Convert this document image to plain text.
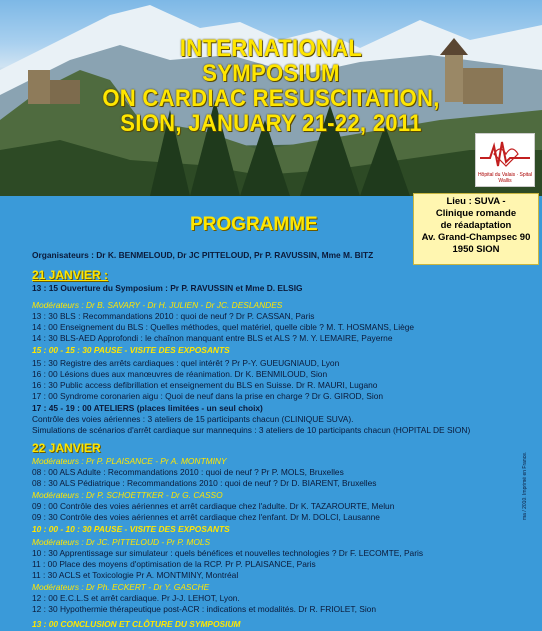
INTERNATIONAL
SYMPOSIUM
ON CARDIAC RESUSCITATION,
SION, JANUARY 21-22, 2011
Hôpital du Valais · Spital Wallis
Lieu : SUVA -
Clinique romande
de réadaptation
Av. Grand-Champsec 90
1950 SION
PROGRAMME
Organisateurs : Dr K. BENMELOUD, Dr JC PITTELOUD, Pr P. RAVUSSIN, Mme M. BITZ
21 JANVIER :
13 : 15 Ouverture du Symposium : Pr P. RAVUSSIN et Mme D. ELSIG
Modérateurs : Dr B. SAVARY - Dr H. JULIEN - Dr JC. DESLANDES
13 : 30 BLS : Recommandations 2010 : quoi de neuf ? Dr P. CASSAN, Paris
14 : 00 Enseignement du BLS : Quelles méthodes, quel matériel, quelle cible ? M. T. HOSMANS, Liège
14 : 30 BLS-AED Approfondi : le chaînon manquant entre BLS et ALS ? M. Y. LEMAIRE, Payerne
15 : 00 - 15 : 30 PAUSE - VISITE DES EXPOSANTS
15 : 30 Registre des arrêts cardiaques : quel intérêt ? Pr P-Y. GUEUGNIAUD, Lyon
16 : 00 Lésions dues aux manœuvres de réanimation. Dr K. BENMILOUD, Sion
16 : 30 Public access defibrillation et enseignement du BLS en Suisse. Dr R. MAURI, Lugano
17 : 00 Syndrome coronarien aigu : Quoi de neuf dans la prise en charge ? Dr G. GIROD, Sion
17 : 45 - 19 : 00 ATELIERS (places limitées - un seul choix)
Contrôle des voies aériennes : 3 ateliers de 15 participants chacun (CLINIQUE SUVA).
Simulations de scénarios d'arrêt cardiaque sur mannequins : 3 ateliers de 10 participants chacun (HOPITAL DE SION)
22 JANVIER
Modérateurs : Pr P. PLAISANCE - Pr A. MONTMINY
08 : 00 ALS Adulte : Recommandations 2010 : quoi de neuf ? Pr P. MOLS, Bruxelles
08 : 30 ALS Pédiatrique : Recommandations 2010 : quoi de neuf ? Dr D. BIARENT, Bruxelles
Modérateurs : Dr P. SCHOETTKER - Dr G. CASSO
09 : 00 Contrôle des voies aériennes et arrêt cardiaque chez l'adulte. Dr K. TAZAROURTE, Melun
09 : 30 Contrôle des voies aériennes et arrêt cardiaque chez l'enfant. Dr M. DOLCI, Lausanne
10 : 00 - 10 : 30 PAUSE - VISITE DES EXPOSANTS
Modérateurs : Dr JC. PITTELOUD - Pr P. MOLS
10 : 30 Apprentissage sur simulateur : quels bénéfices et nouvelles technologies ? Dr F. LECOMTE, Paris
11 : 00 Place des moyens d'optimisation de la RCP. Pr P. PLAISANCE, Paris
11 : 30 ACLS et Toxicologie Pr A. MONTMINY, Montréal
Modérateurs : Dr Ph. ECKERT - Dr Y. GASCHE
12 : 00 E.C.L.S et arrêt cardiaque. Pr J-J. LEHOT, Lyon.
12 : 30 Hypothermie thérapeutique post-ACR : indications et modalités. Dr R. FRIOLET, Sion
13 : 00 CONCLUSION ET CLÔTURE DU SYMPOSIUM
ma / 2010. Imprimé en France.
